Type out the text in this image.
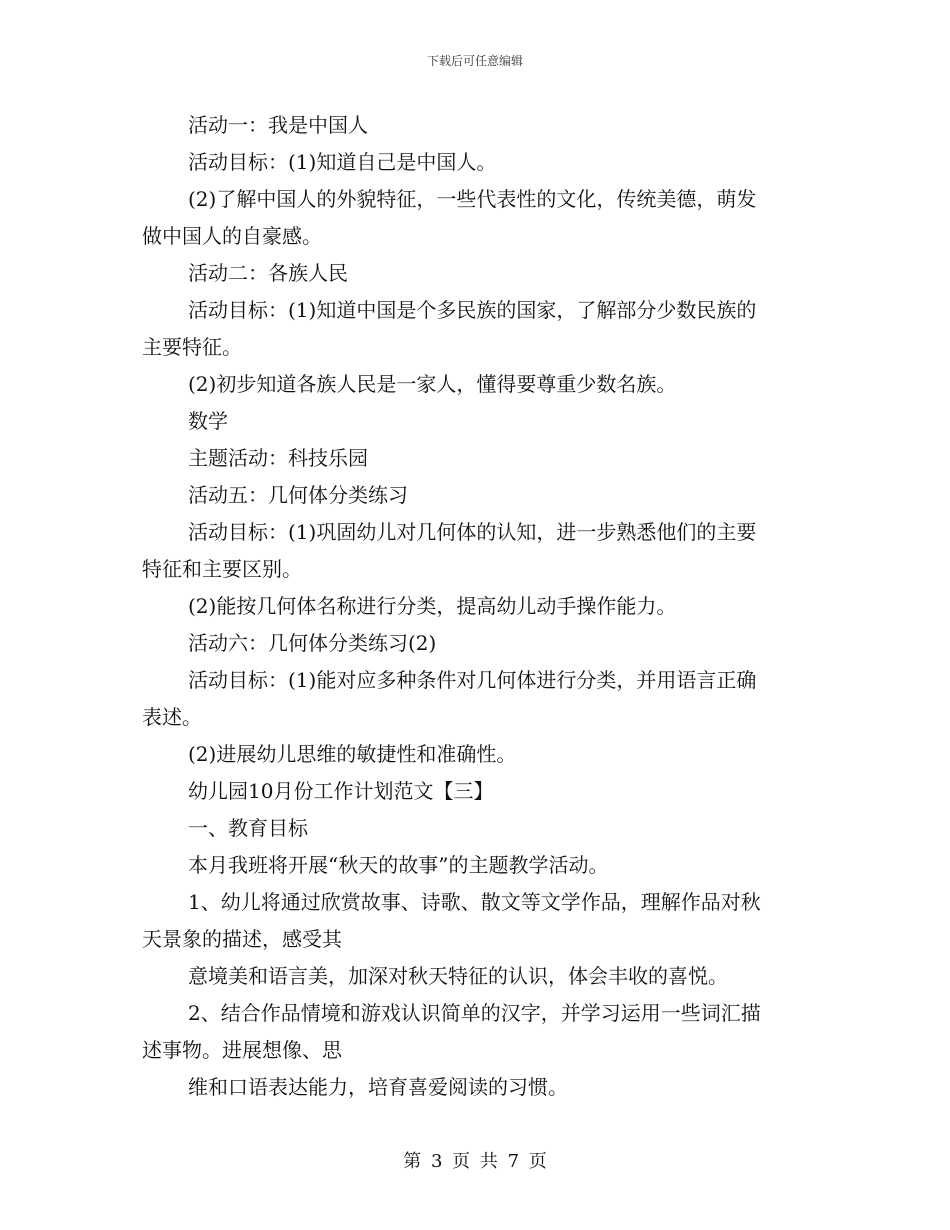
下载后可任意编辑
活动一：我是中国人
活动目标：(1)知道自己是中国人。
(2)了解中国人的外貌特征，一些代表性的文化，传统美德，萌发
做中国人的自豪感。
活动二：各族人民
活动目标：(1)知道中国是个多民族的国家，了解部分少数民族的
主要特征。
(2)初步知道各族人民是一家人，懂得要尊重少数名族。
数学
主题活动：科技乐园
活动五：几何体分类练习
活动目标：(1)巩固幼儿对几何体的认知，进一步熟悉他们的主要
特征和主要区别。
(2)能按几何体名称进行分类，提高幼儿动手操作能力。
活动六：几何体分类练习(2)
活动目标：(1)能对应多种条件对几何体进行分类，并用语言正确
表述。
(2)进展幼儿思维的敏捷性和准确性。
幼儿园10月份工作计划范文【三】
一、教育目标
本月我班将开展“秋天的故事”的主题教学活动。
1、幼儿将通过欣赏故事、诗歌、散文等文学作品，理解作品对秋
天景象的描述，感受其
意境美和语言美，加深对秋天特征的认识，体会丰收的喜悦。
2、结合作品情境和游戏认识简单的汉字，并学习运用一些词汇描
述事物。进展想像、思
维和口语表达能力，培育喜爱阅读的习惯。
第 3 页 共 7 页
